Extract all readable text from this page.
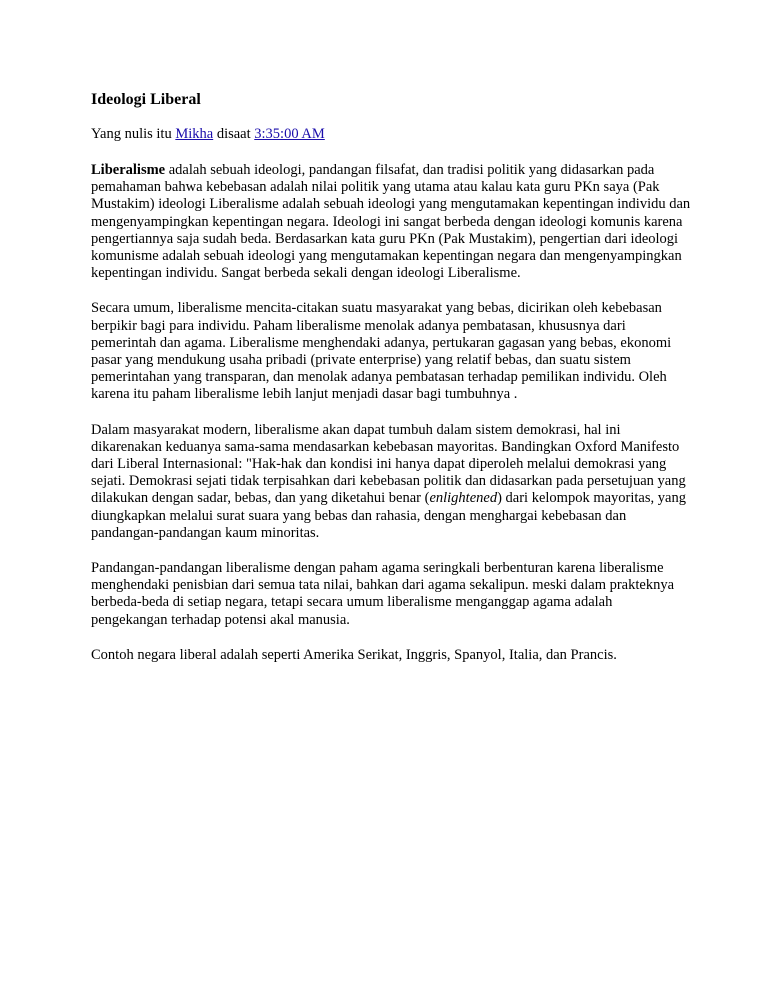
Ideologi Liberal

Yang nulis itu Mikha disaat 3:35:00 AM

Liberalisme adalah sebuah ideologi, pandangan filsafat, dan tradisi politik yang didasarkan pada pemahaman bahwa kebebasan adalah nilai politik yang utama atau kalau kata guru PKn saya (Pak Mustakim) ideologi Liberalisme adalah sebuah ideologi yang mengutamakan kepentingan individu dan mengenyampingkan kepentingan negara. Ideologi ini sangat berbeda dengan ideologi komunis karena pengertiannya saja sudah beda. Berdasarkan kata guru PKn (Pak Mustakim), pengertian dari ideologi komunisme adalah sebuah ideologi yang mengutamakan kepentingan negara dan mengenyampingkan kepentingan individu. Sangat berbeda sekali dengan ideologi Liberalisme.

Secara umum, liberalisme mencita-citakan suatu masyarakat yang bebas, dicirikan oleh kebebasan berpikir bagi para individu. Paham liberalisme menolak adanya pembatasan, khususnya dari pemerintah dan agama. Liberalisme menghendaki adanya, pertukaran gagasan yang bebas, ekonomi pasar yang mendukung usaha pribadi (private enterprise) yang relatif bebas, dan suatu sistem pemerintahan yang transparan, dan menolak adanya pembatasan terhadap pemilikan individu. Oleh karena itu paham liberalisme lebih lanjut menjadi dasar bagi tumbuhnya .

Dalam masyarakat modern, liberalisme akan dapat tumbuh dalam sistem demokrasi, hal ini dikarenakan keduanya sama-sama mendasarkan kebebasan mayoritas. Bandingkan Oxford Manifesto dari Liberal Internasional: "Hak-hak dan kondisi ini hanya dapat diperoleh melalui demokrasi yang sejati. Demokrasi sejati tidak terpisahkan dari kebebasan politik dan didasarkan pada persetujuan yang dilakukan dengan sadar, bebas, dan yang diketahui benar (enlightened) dari kelompok mayoritas, yang diungkapkan melalui surat suara yang bebas dan rahasia, dengan menghargai kebebasan dan pandangan-pandangan kaum minoritas.

Pandangan-pandangan liberalisme dengan paham agama seringkali berbenturan karena liberalisme menghendaki penisbian dari semua tata nilai, bahkan dari agama sekalipun. meski dalam prakteknya berbeda-beda di setiap negara, tetapi secara umum liberalisme menganggap agama adalah pengekangan terhadap potensi akal manusia.

Contoh negara liberal adalah seperti Amerika Serikat, Inggris, Spanyol, Italia, dan Prancis.
